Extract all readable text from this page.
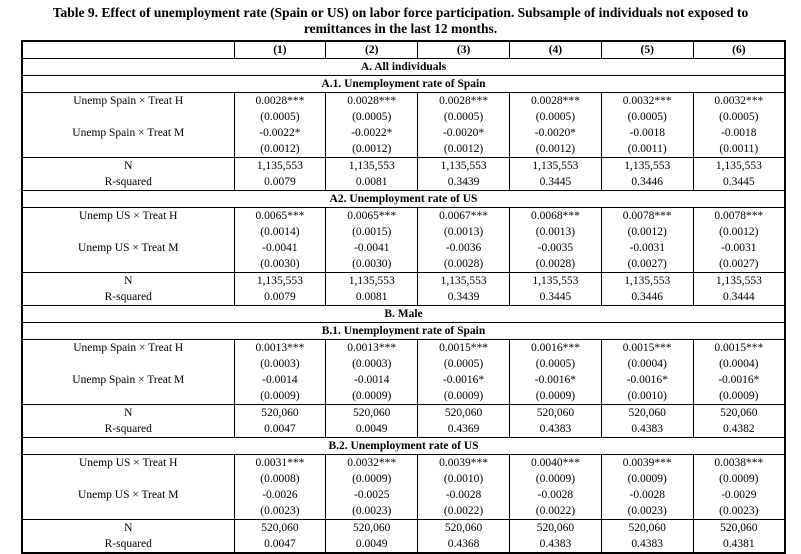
Table 9. Effect of unemployment rate (Spain or US) on labor force participation. Subsample of individuals not exposed to
remittances in the last 12 months.
	(1)	(2)	(3)	(4)	(5)	(6)
A. All individuals						
A.1. Unemployment rate of Spain						
Unemp Spain × Treat H	0.0028***	0.0028***	0.0028***	0.0028***	0.0032***	0.0032***
	(0.0005)	(0.0005)	(0.0005)	(0.0005)	(0.0005)	(0.0005)
Unemp Spain × Treat M	-0.0022*	-0.0022*	-0.0020*	-0.0020*	-0.0018	-0.0018
	(0.0012)	(0.0012)	(0.0012)	(0.0012)	(0.0011)	(0.0011)
N	1,135,553	1,135,553	1,135,553	1,135,553	1,135,553	1,135,553
R-squared	0.0079	0.0081	0.3439	0.3445	0.3446	0.3445
A2. Unemployment rate of US						
Unemp US × Treat H	0.0065***	0.0065***	0.0067***	0.0068***	0.0078***	0.0078***
	(0.0014)	(0.0015)	(0.0013)	(0.0013)	(0.0012)	(0.0012)
Unemp US × Treat M	-0.0041	-0.0041	-0.0036	-0.0035	-0.0031	-0.0031
	(0.0030)	(0.0030)	(0.0028)	(0.0028)	(0.0027)	(0.0027)
N	1,135,553	1,135,553	1,135,553	1,135,553	1,135,553	1,135,553
R-squared	0.0079	0.0081	0.3439	0.3445	0.3446	0.3444
B. Male						
B.1. Unemployment rate of Spain						
Unemp Spain × Treat H	0.0013***	0.0013***	0.0015***	0.0016***	0.0015***	0.0015***
	(0.0003)	(0.0003)	(0.0005)	(0.0005)	(0.0004)	(0.0004)
Unemp Spain × Treat M	-0.0014	-0.0014	-0.0016*	-0.0016*	-0.0016*	-0.0016*
	(0.0009)	(0.0009)	(0.0009)	(0.0009)	(0.0010)	(0.0009)
N	520,060	520,060	520,060	520,060	520,060	520,060
R-squared	0.0047	0.0049	0.4369	0.4383	0.4383	0.4382
B.2. Unemployment rate of US						
Unemp US × Treat H	0.0031***	0.0032***	0.0039***	0.0040***	0.0039***	0.0038***
	(0.0008)	(0.0009)	(0.0010)	(0.0009)	(0.0009)	(0.0009)
Unemp US × Treat M	-0.0026	-0.0025	-0.0028	-0.0028	-0.0028	-0.0029
	(0.0023)	(0.0023)	(0.0022)	(0.0022)	(0.0023)	(0.0023)
N	520,060	520,060	520,060	520,060	520,060	520,060
R-squared	0.0047	0.0049	0.4368	0.4383	0.4383	0.4381
